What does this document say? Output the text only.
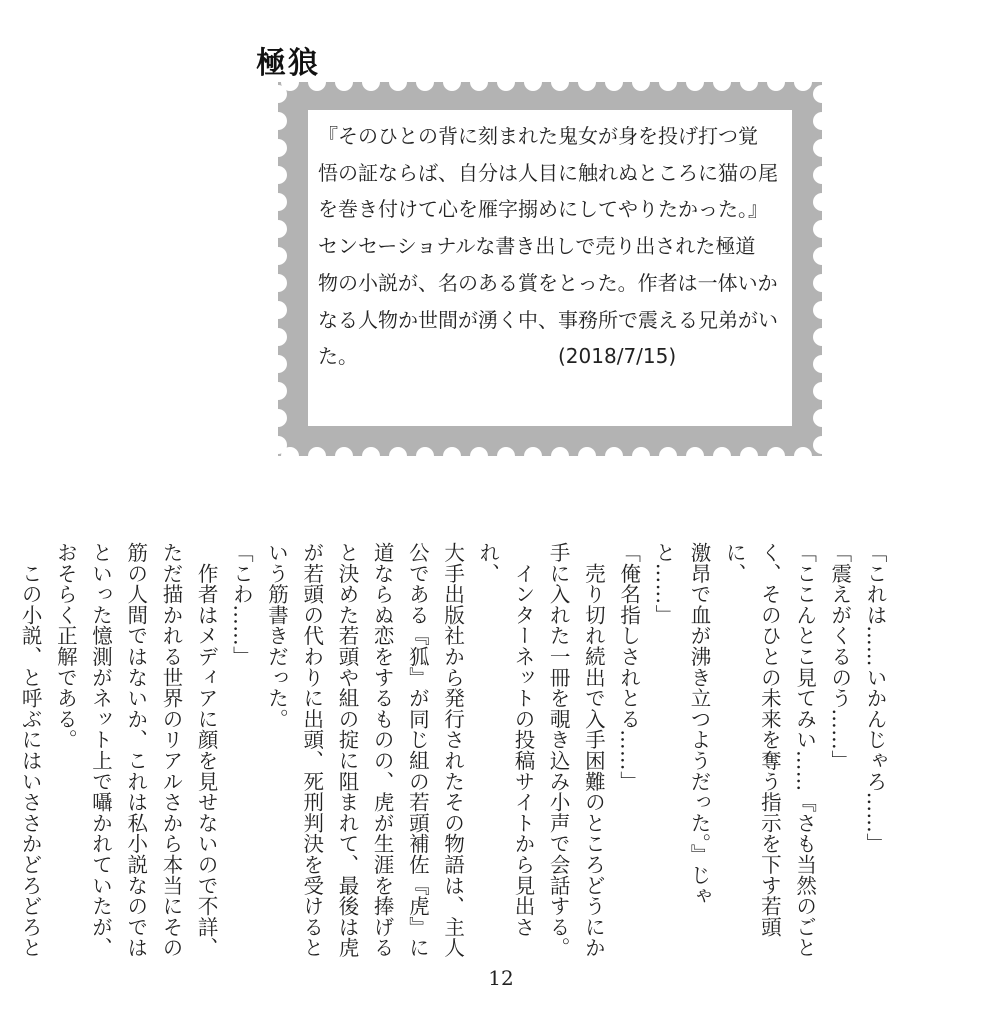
極狼
『そのひとの背に刻まれた鬼女が身を投げ打つ覚
悟の証ならば、自分は人目に触れぬところに猫の尾
を巻き付けて心を雁字搦めにしてやりたかった。』
センセーショナルな書き出しで売り出された極道
物の小説が、名のある賞をとった。作者は一体いか
なる人物か世間が湧く中、事務所で震える兄弟がい
た。	(2018/7/15)

「これは……いかんじゃろ……」

「震えがくるのう……」

「ここんとこ見てみい……『さも当然のごと

く、そのひとの未来を奪う指示を下す若頭に、

激昂で血が沸き立つようだった。』じゃと……」

「俺名指しされとる……」

　売り切れ続出で入手困難のところどうにか

手に入れた一冊を覗き込み小声で会話する。

　インターネットの投稿サイトから見出され、

大手出版社から発行されたその物語は、主人

公である『狐』が同じ組の若頭補佐『虎』に

道ならぬ恋をするものの、虎が生涯を捧げる

と決めた若頭や組の掟に阻まれて、最後は虎

が若頭の代わりに出頭、死刑判決を受けると

いう筋書きだった。

「こわ……」

　作者はメディアに顔を見せないので不詳、

ただ描かれる世界のリアルさから本当にその

筋の人間ではないか、これは私小説なのでは

といった憶測がネット上で囁かれていたが、

おそらく正解である。

　この小説、と呼ぶにはいささかどろどろと

12
